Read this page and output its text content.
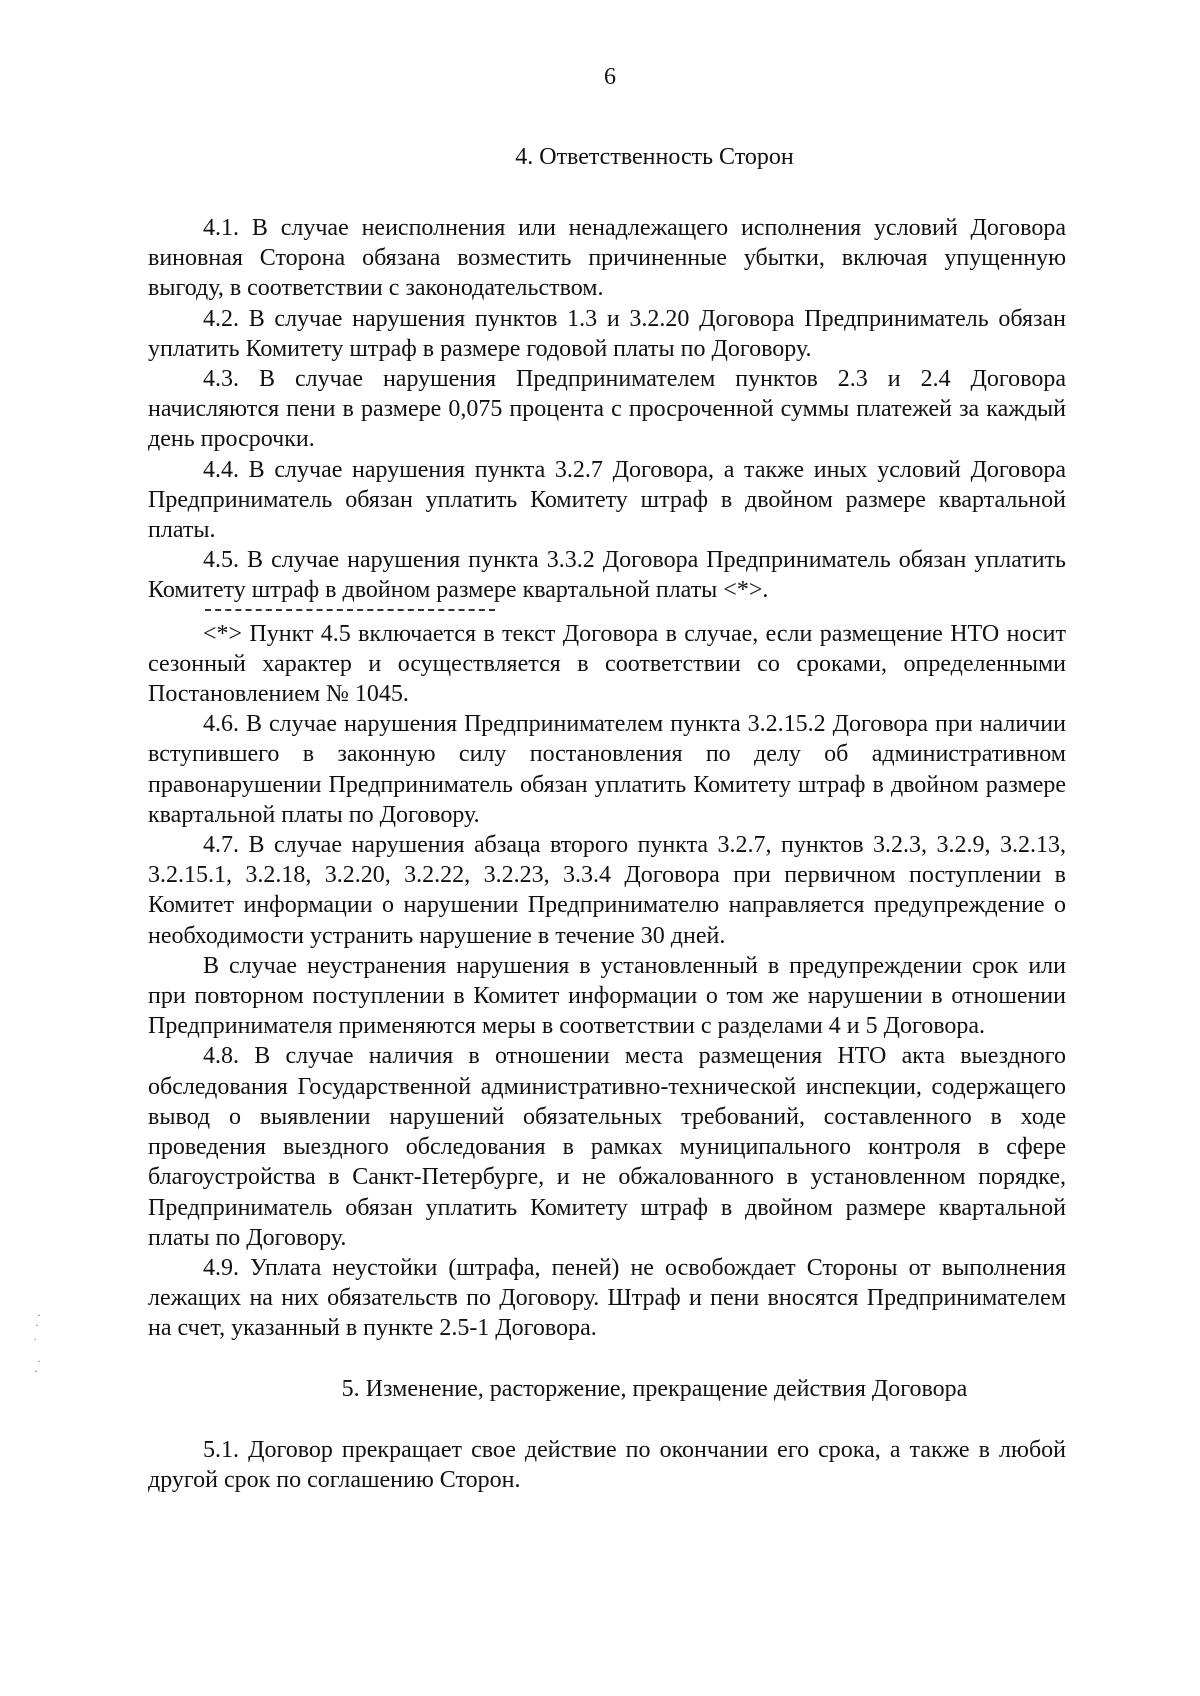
6
4. Ответственность Сторон

4.1. В случае неисполнения или ненадлежащего исполнения условий Договора виновная Сторона обязана возместить причиненные убытки, включая упущенную выгоду, в соответствии с законодательством.

4.2. В случае нарушения пунктов 1.3 и 3.2.20 Договора Предприниматель обязан уплатить Комитету штраф в размере годовой платы по Договору.

4.3. В случае нарушения Предпринимателем пунктов 2.3 и 2.4 Договора начисляются пени в размере 0,075 процента с просроченной суммы платежей за каждый день просрочки.

4.4. В случае нарушения пункта 3.2.7 Договора, а также иных условий Договора Предприниматель обязан уплатить Комитету штраф в двойном размере квартальной платы.

4.5. В случае нарушения пункта 3.3.2 Договора Предприниматель обязан уплатить Комитету штраф в двойном размере квартальной платы <*>.

<*> Пункт 4.5 включается в текст Договора в случае, если размещение НТО носит сезонный характер и осуществляется в соответствии со сроками, определенными Постановлением № 1045.

4.6. В случае нарушения Предпринимателем пункта 3.2.15.2 Договора при наличии вступившего в законную силу постановления по делу об административном правонарушении Предприниматель обязан уплатить Комитету штраф в двойном размере квартальной платы по Договору.

4.7. В случае нарушения абзаца второго пункта 3.2.7, пунктов 3.2.3, 3.2.9, 3.2.13, 3.2.15.1, 3.2.18, 3.2.20, 3.2.22, 3.2.23, 3.3.4 Договора при первичном поступлении в Комитет информации о нарушении Предпринимателю направляется предупреждение о необходимости устранить нарушение в течение 30 дней.

В случае неустранения нарушения в установленный в предупреждении срок или при повторном поступлении в Комитет информации о том же нарушении в отношении Предпринимателя применяются меры в соответствии с разделами 4 и 5 Договора.

4.8. В случае наличия в отношении места размещения НТО акта выездного обследования Государственной административно-технической инспекции, содержащего вывод о выявлении нарушений обязательных требований, составленного в ходе проведения выездного обследования в рамках муниципального контроля в сфере благоустройства в Санкт-Петербурге, и не обжалованного в установленном порядке, Предприниматель обязан уплатить Комитету штраф в двойном размере квартальной платы по Договору.

4.9. Уплата неустойки (штрафа, пеней) не освобождает Стороны от выполнения лежащих на них обязательств по Договору. Штраф и пени вносятся Предпринимателем на счет, указанный в пункте 2.5-1 Договора.

5. Изменение, расторжение, прекращение действия Договора

5.1. Договор прекращает свое действие по окончании его срока, а также в любой другой срок по соглашению Сторон.

·
·
ˈ
·
·
